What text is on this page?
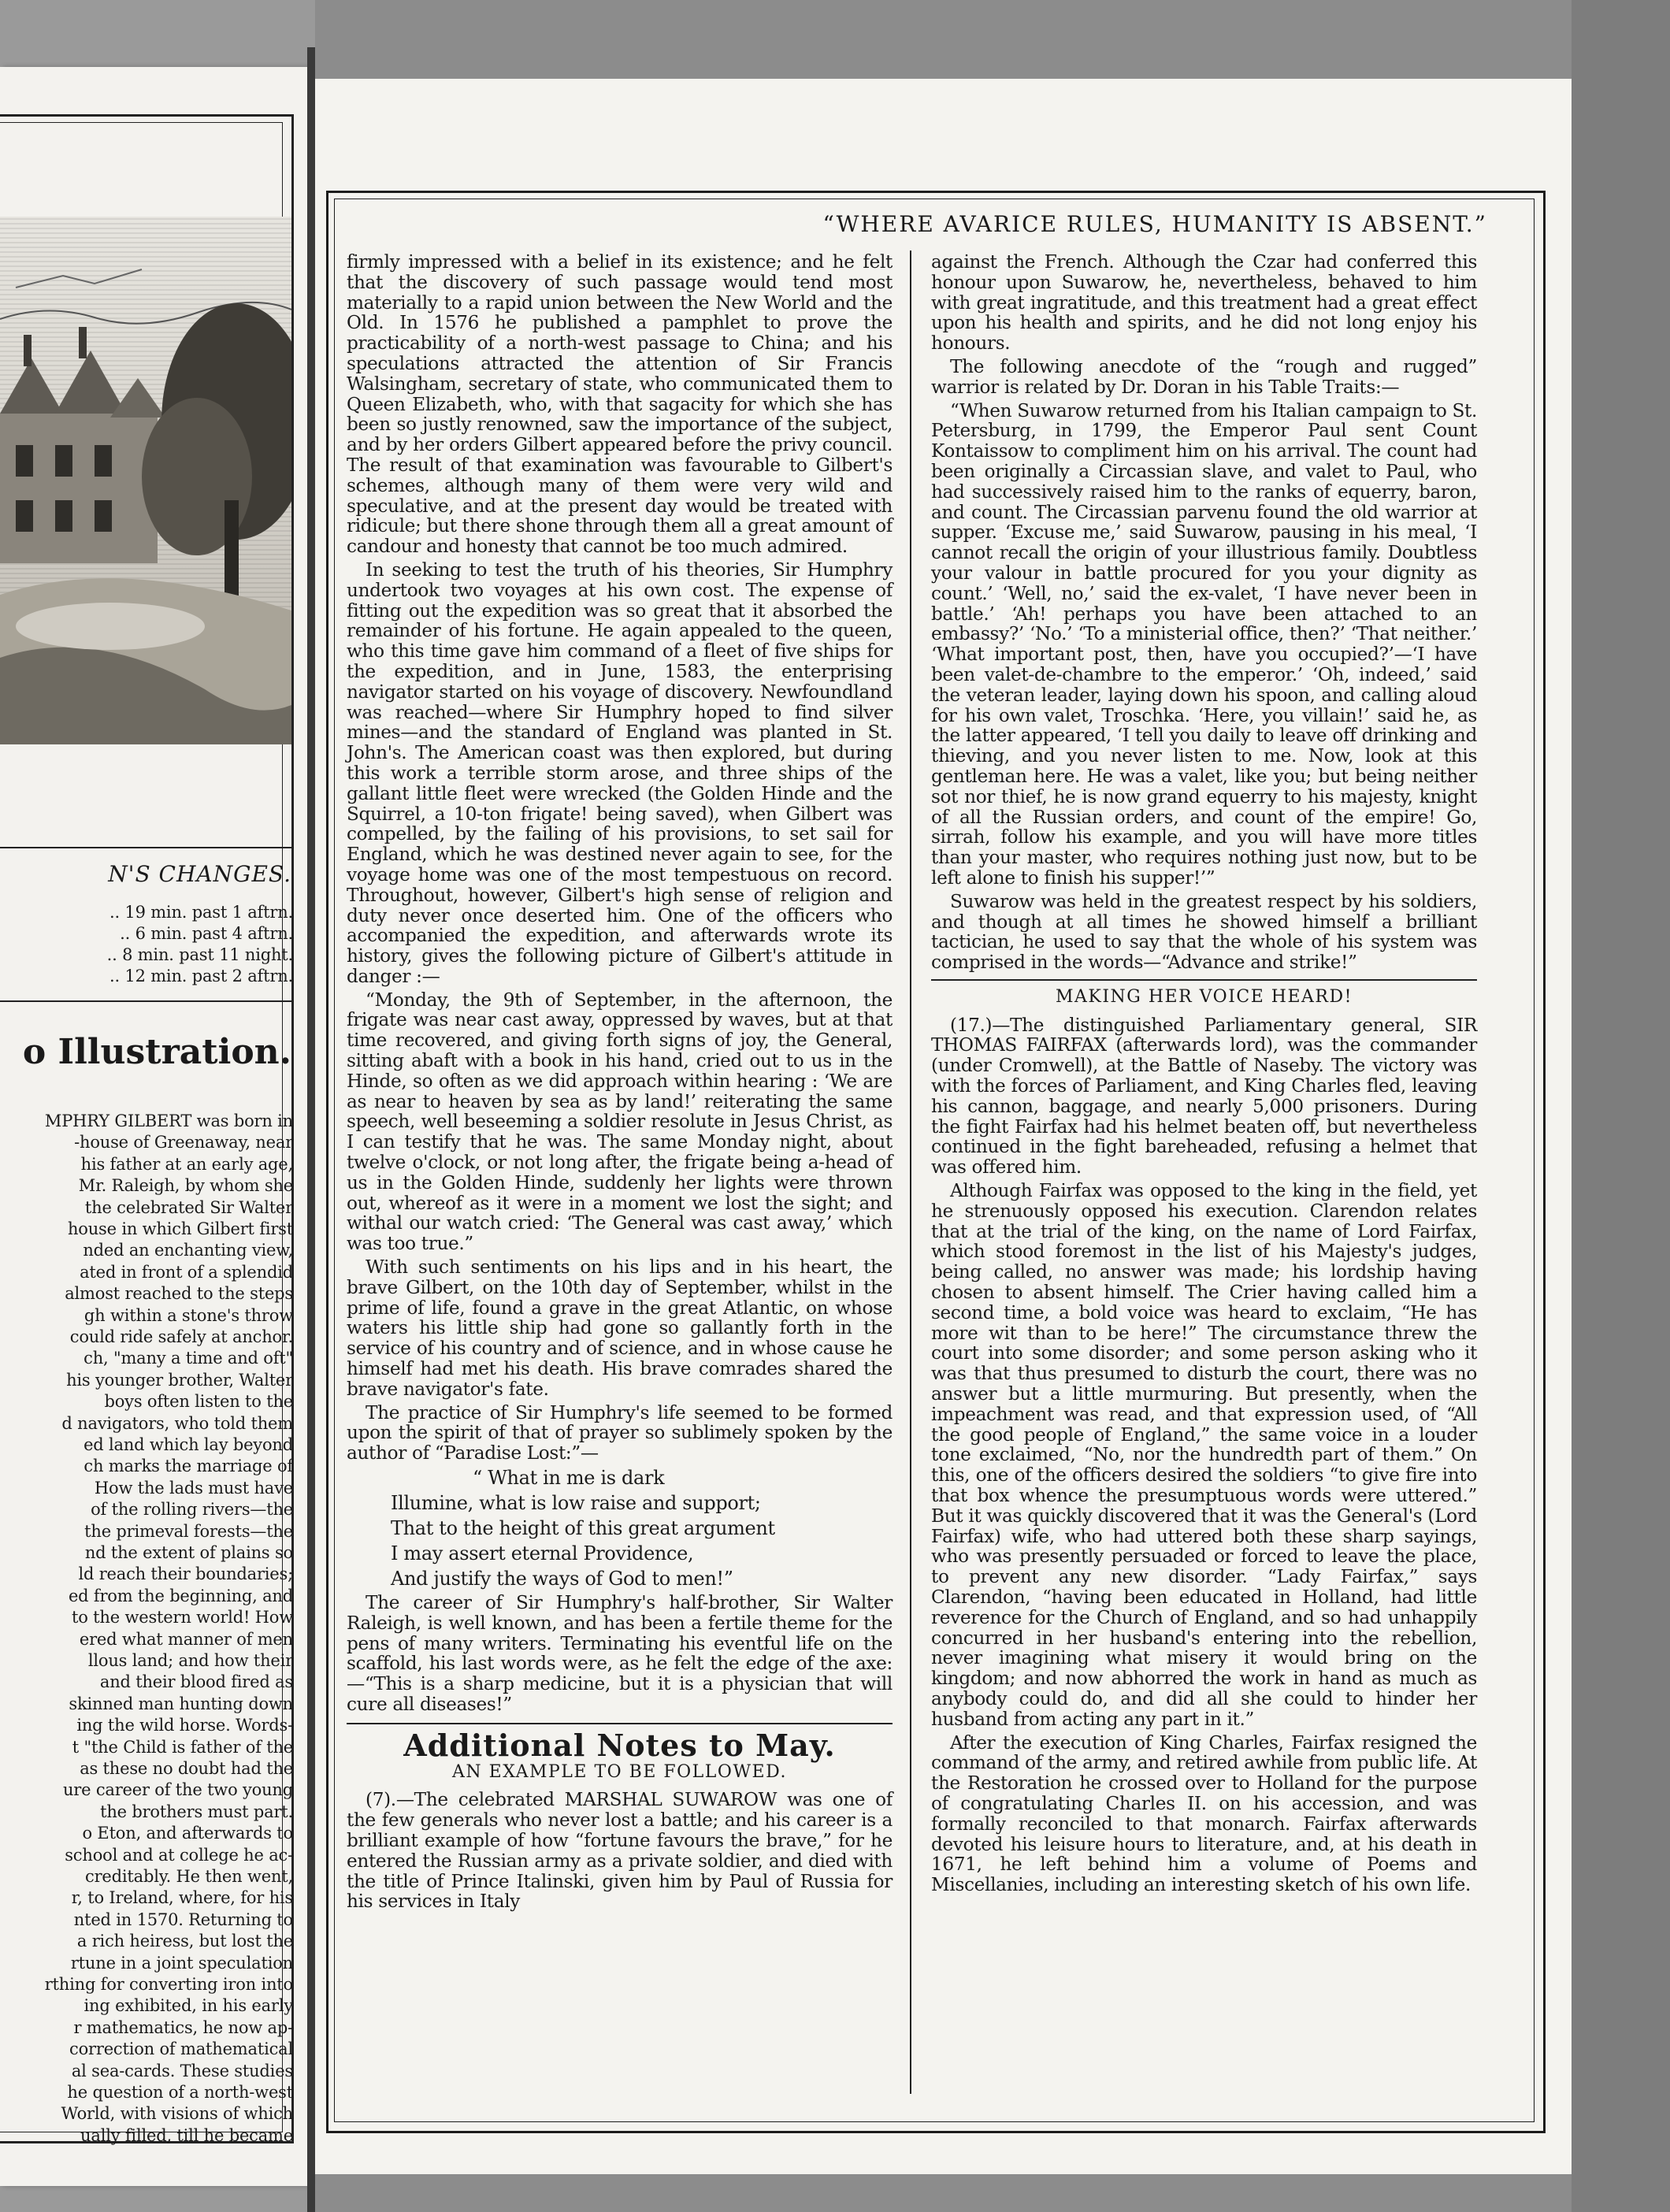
N'S CHANGES.
.. 19 min. past 1 aftrn.
.. 6 min. past 4 aftrn.
.. 8 min. past 11 night.
.. 12 min. past 2 aftrn.
o Illustration.
MPHRY GILBERT was born in
-house of Greenaway, near
his father at an early age,
Mr. Raleigh, by whom she
the celebrated Sir Walter
house in which Gilbert first
nded an enchanting view,
ated in front of a splendid
almost reached to the steps
gh within a stone's throw
could ride safely at anchor.
ch, "many a time and oft"
his younger brother, Walter
boys often listen to the
d navigators, who told them
ed land which lay beyond
ch marks the marriage of
How the lads must have
of the rolling rivers—the
the primeval forests—the
nd the extent of plains so
ld reach their boundaries;
ed from the beginning, and
to the western world! How
ered what manner of men
llous land; and how their
and their blood fired as
skinned man hunting down
ing the wild horse. Words-
t "the Child is father of the
as these no doubt had the
ure career of the two young
the brothers must part.
o Eton, and afterwards to
school and at college he ac-
creditably. He then went,
r, to Ireland, where, for his
nted in 1570. Returning to
a rich heiress, but lost the
rtune in a joint speculation
rthing for converting iron into
ing exhibited, in his early
r mathematics, he now ap-
correction of mathematical
al sea-cards. These studies
he question of a north-west
World, with visions of which
ually filled, till he became
“WHERE AVARICE RULES, HUMANITY IS ABSENT.”

firmly impressed with a belief in its existence; and he felt that the discovery of such passage would tend most materially to a rapid union between the New World and the Old. In 1576 he published a pamphlet to prove the practicability of a north-west passage to China; and his speculations attracted the attention of Sir Francis Walsingham, secretary of state, who communicated them to Queen Elizabeth, who, with that sagacity for which she has been so justly renowned, saw the importance of the subject, and by her orders Gilbert appeared before the privy council. The result of that examination was favourable to Gilbert's schemes, although many of them were very wild and speculative, and at the present day would be treated with ridicule; but there shone through them all a great amount of candour and honesty that cannot be too much admired.

In seeking to test the truth of his theories, Sir Humphry undertook two voyages at his own cost. The expense of fitting out the expedition was so great that it absorbed the remainder of his fortune. He again appealed to the queen, who this time gave him command of a fleet of five ships for the expedition, and in June, 1583, the enterprising navigator started on his voyage of discovery. Newfoundland was reached—where Sir Humphry hoped to find silver mines—and the standard of England was planted in St. John's. The American coast was then explored, but during this work a terrible storm arose, and three ships of the gallant little fleet were wrecked (the Golden Hinde and the Squirrel, a 10-ton frigate! being saved), when Gilbert was compelled, by the failing of his provisions, to set sail for England, which he was destined never again to see, for the voyage home was one of the most tempestuous on record. Throughout, however, Gilbert's high sense of religion and duty never once deserted him. One of the officers who accompanied the expedition, and afterwards wrote its history, gives the following picture of Gilbert's attitude in danger :—

“Monday, the 9th of September, in the afternoon, the frigate was near cast away, oppressed by waves, but at that time recovered, and giving forth signs of joy, the General, sitting abaft with a book in his hand, cried out to us in the Hinde, so often as we did approach within hearing : ‘We are as near to heaven by sea as by land!’ reiterating the same speech, well beseeming a soldier resolute in Jesus Christ, as I can testify that he was. The same Monday night, about twelve o'clock, or not long after, the frigate being a-head of us in the Golden Hinde, suddenly her lights were thrown out, whereof as it were in a moment we lost the sight; and withal our watch cried: ‘The General was cast away,’ which was too true.”

With such sentiments on his lips and in his heart, the brave Gilbert, on the 10th day of September, whilst in the prime of life, found a grave in the great Atlantic, on whose waters his little ship had gone so gallantly forth in the service of his country and of science, and in whose cause he himself had met his death. His brave comrades shared the brave navigator's fate.

The practice of Sir Humphry's life seemed to be formed upon the spirit of that of prayer so sublimely spoken by the author of “Paradise Lost:”—

“ What in me is dark

Illumine, what is low raise and support;

That to the height of this great argument

I may assert eternal Providence,

And justify the ways of God to men!”

The career of Sir Humphry's half-brother, Sir Walter Raleigh, is well known, and has been a fertile theme for the pens of many writers. Terminating his eventful life on the scaffold, his last words were, as he felt the edge of the axe:—“This is a sharp medicine, but it is a physician that will cure all diseases!”

Additional Notes to May.

AN EXAMPLE TO BE FOLLOWED.

(7).—The celebrated MARSHAL SUWAROW was one of the few generals who never lost a battle; and his career is a brilliant example of how “fortune favours the brave,” for he entered the Russian army as a private soldier, and died with the title of Prince Italinski, given him by Paul of Russia for his services in Italy

against the French. Although the Czar had conferred this honour upon Suwarow, he, nevertheless, behaved to him with great ingratitude, and this treatment had a great effect upon his health and spirits, and he did not long enjoy his honours.

The following anecdote of the “rough and rugged” warrior is related by Dr. Doran in his Table Traits:—

“When Suwarow returned from his Italian campaign to St. Petersburg, in 1799, the Emperor Paul sent Count Kontaissow to compliment him on his arrival. The count had been originally a Circassian slave, and valet to Paul, who had successively raised him to the ranks of equerry, baron, and count. The Circassian parvenu found the old warrior at supper. ‘Excuse me,’ said Suwarow, pausing in his meal, ‘I cannot recall the origin of your illustrious family. Doubtless your valour in battle procured for you your dignity as count.’ ‘Well, no,’ said the ex-valet, ‘I have never been in battle.’ ‘Ah! perhaps you have been attached to an embassy?’ ‘No.’ ‘To a ministerial office, then?’ ‘That neither.’ ‘What important post, then, have you occupied?’—‘I have been valet-de-chambre to the emperor.’ ‘Oh, indeed,’ said the veteran leader, laying down his spoon, and calling aloud for his own valet, Troschka. ‘Here, you villain!’ said he, as the latter appeared, ‘I tell you daily to leave off drinking and thieving, and you never listen to me. Now, look at this gentleman here. He was a valet, like you; but being neither sot nor thief, he is now grand equerry to his majesty, knight of all the Russian orders, and count of the empire! Go, sirrah, follow his example, and you will have more titles than your master, who requires nothing just now, but to be left alone to finish his supper!’”

Suwarow was held in the greatest respect by his soldiers, and though at all times he showed himself a brilliant tactician, he used to say that the whole of his system was comprised in the words—“Advance and strike!”

MAKING HER VOICE HEARD!

(17.)—The distinguished Parliamentary general, SIR THOMAS FAIRFAX (afterwards lord), was the commander (under Cromwell), at the Battle of Naseby. The victory was with the forces of Parliament, and King Charles fled, leaving his cannon, baggage, and nearly 5,000 prisoners. During the fight Fairfax had his helmet beaten off, but nevertheless continued in the fight bareheaded, refusing a helmet that was offered him.

Although Fairfax was opposed to the king in the field, yet he strenuously opposed his execution. Clarendon relates that at the trial of the king, on the name of Lord Fairfax, which stood foremost in the list of his Majesty's judges, being called, no answer was made; his lordship having chosen to absent himself. The Crier having called him a second time, a bold voice was heard to exclaim, “He has more wit than to be here!” The circumstance threw the court into some disorder; and some person asking who it was that thus presumed to disturb the court, there was no answer but a little murmuring. But presently, when the impeachment was read, and that expression used, of “All the good people of England,” the same voice in a louder tone exclaimed, “No, nor the hundredth part of them.” On this, one of the officers desired the soldiers “to give fire into that box whence the presumptuous words were uttered.” But it was quickly discovered that it was the General's (Lord Fairfax) wife, who had uttered both these sharp sayings, who was presently persuaded or forced to leave the place, to prevent any new disorder. “Lady Fairfax,” says Clarendon, “having been educated in Holland, had little reverence for the Church of England, and so had unhappily concurred in her husband's entering into the rebellion, never imagining what misery it would bring on the kingdom; and now abhorred the work in hand as much as anybody could do, and did all she could to hinder her husband from acting any part in it.”

After the execution of King Charles, Fairfax resigned the command of the army, and retired awhile from public life. At the Restoration he crossed over to Holland for the purpose of congratulating Charles II. on his accession, and was formally reconciled to that monarch. Fairfax afterwards devoted his leisure hours to literature, and, at his death in 1671, he left behind him a volume of Poems and Miscellanies, including an interesting sketch of his own life.
